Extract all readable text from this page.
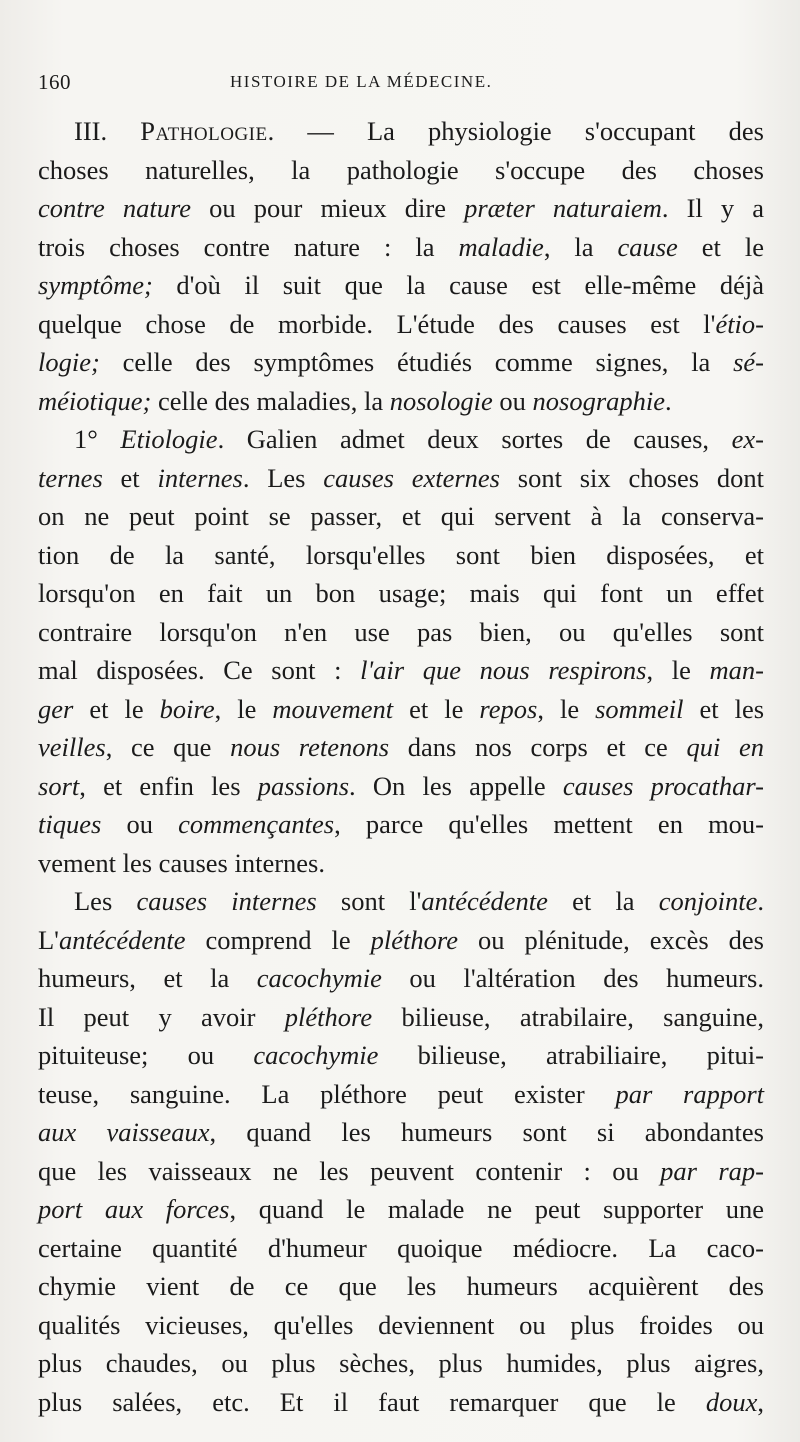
160	HISTOIRE DE LA MÉDECINE.
III. Pathologie. — La physiologie s'occupant des
choses naturelles, la pathologie s'occupe des choses
contre nature ou pour mieux dire præter naturaiem. Il y a
trois choses contre nature : la maladie, la cause et le
symptôme; d'où il suit que la cause est elle-même déjà
quelque chose de morbide. L'étude des causes est l'étio-
logie; celle des symptômes étudiés comme signes, la sé-
méiotique; celle des maladies, la nosologie ou nosographie.
1° Etiologie. Galien admet deux sortes de causes, ex-
ternes et internes. Les causes externes sont six choses dont
on ne peut point se passer, et qui servent à la conserva-
tion de la santé, lorsqu'elles sont bien disposées, et
lorsqu'on en fait un bon usage; mais qui font un effet
contraire lorsqu'on n'en use pas bien, ou qu'elles sont
mal disposées. Ce sont : l'air que nous respirons, le man-
ger et le boire, le mouvement et le repos, le sommeil et les
veilles, ce que nous retenons dans nos corps et ce qui en
sort, et enfin les passions. On les appelle causes procathar-
tiques ou commençantes, parce qu'elles mettent en mou-
vement les causes internes.
Les causes internes sont l'antécédente et la conjointe.
L'antécédente comprend le pléthore ou plénitude, excès des
humeurs, et la cacochymie ou l'altération des humeurs.
Il peut y avoir pléthore bilieuse, atrabilaire, sanguine,
pituiteuse; ou cacochymie bilieuse, atrabiliaire, pitui-
teuse, sanguine. La pléthore peut exister par rapport
aux vaisseaux, quand les humeurs sont si abondantes
que les vaisseaux ne les peuvent contenir : ou par rap-
port aux forces, quand le malade ne peut supporter une
certaine quantité d'humeur quoique médiocre. La caco-
chymie vient de ce que les humeurs acquièrent des
qualités vicieuses, qu'elles deviennent ou plus froides ou
plus chaudes, ou plus sèches, plus humides, plus aigres,
plus salées, etc. Et il faut remarquer que le doux,
